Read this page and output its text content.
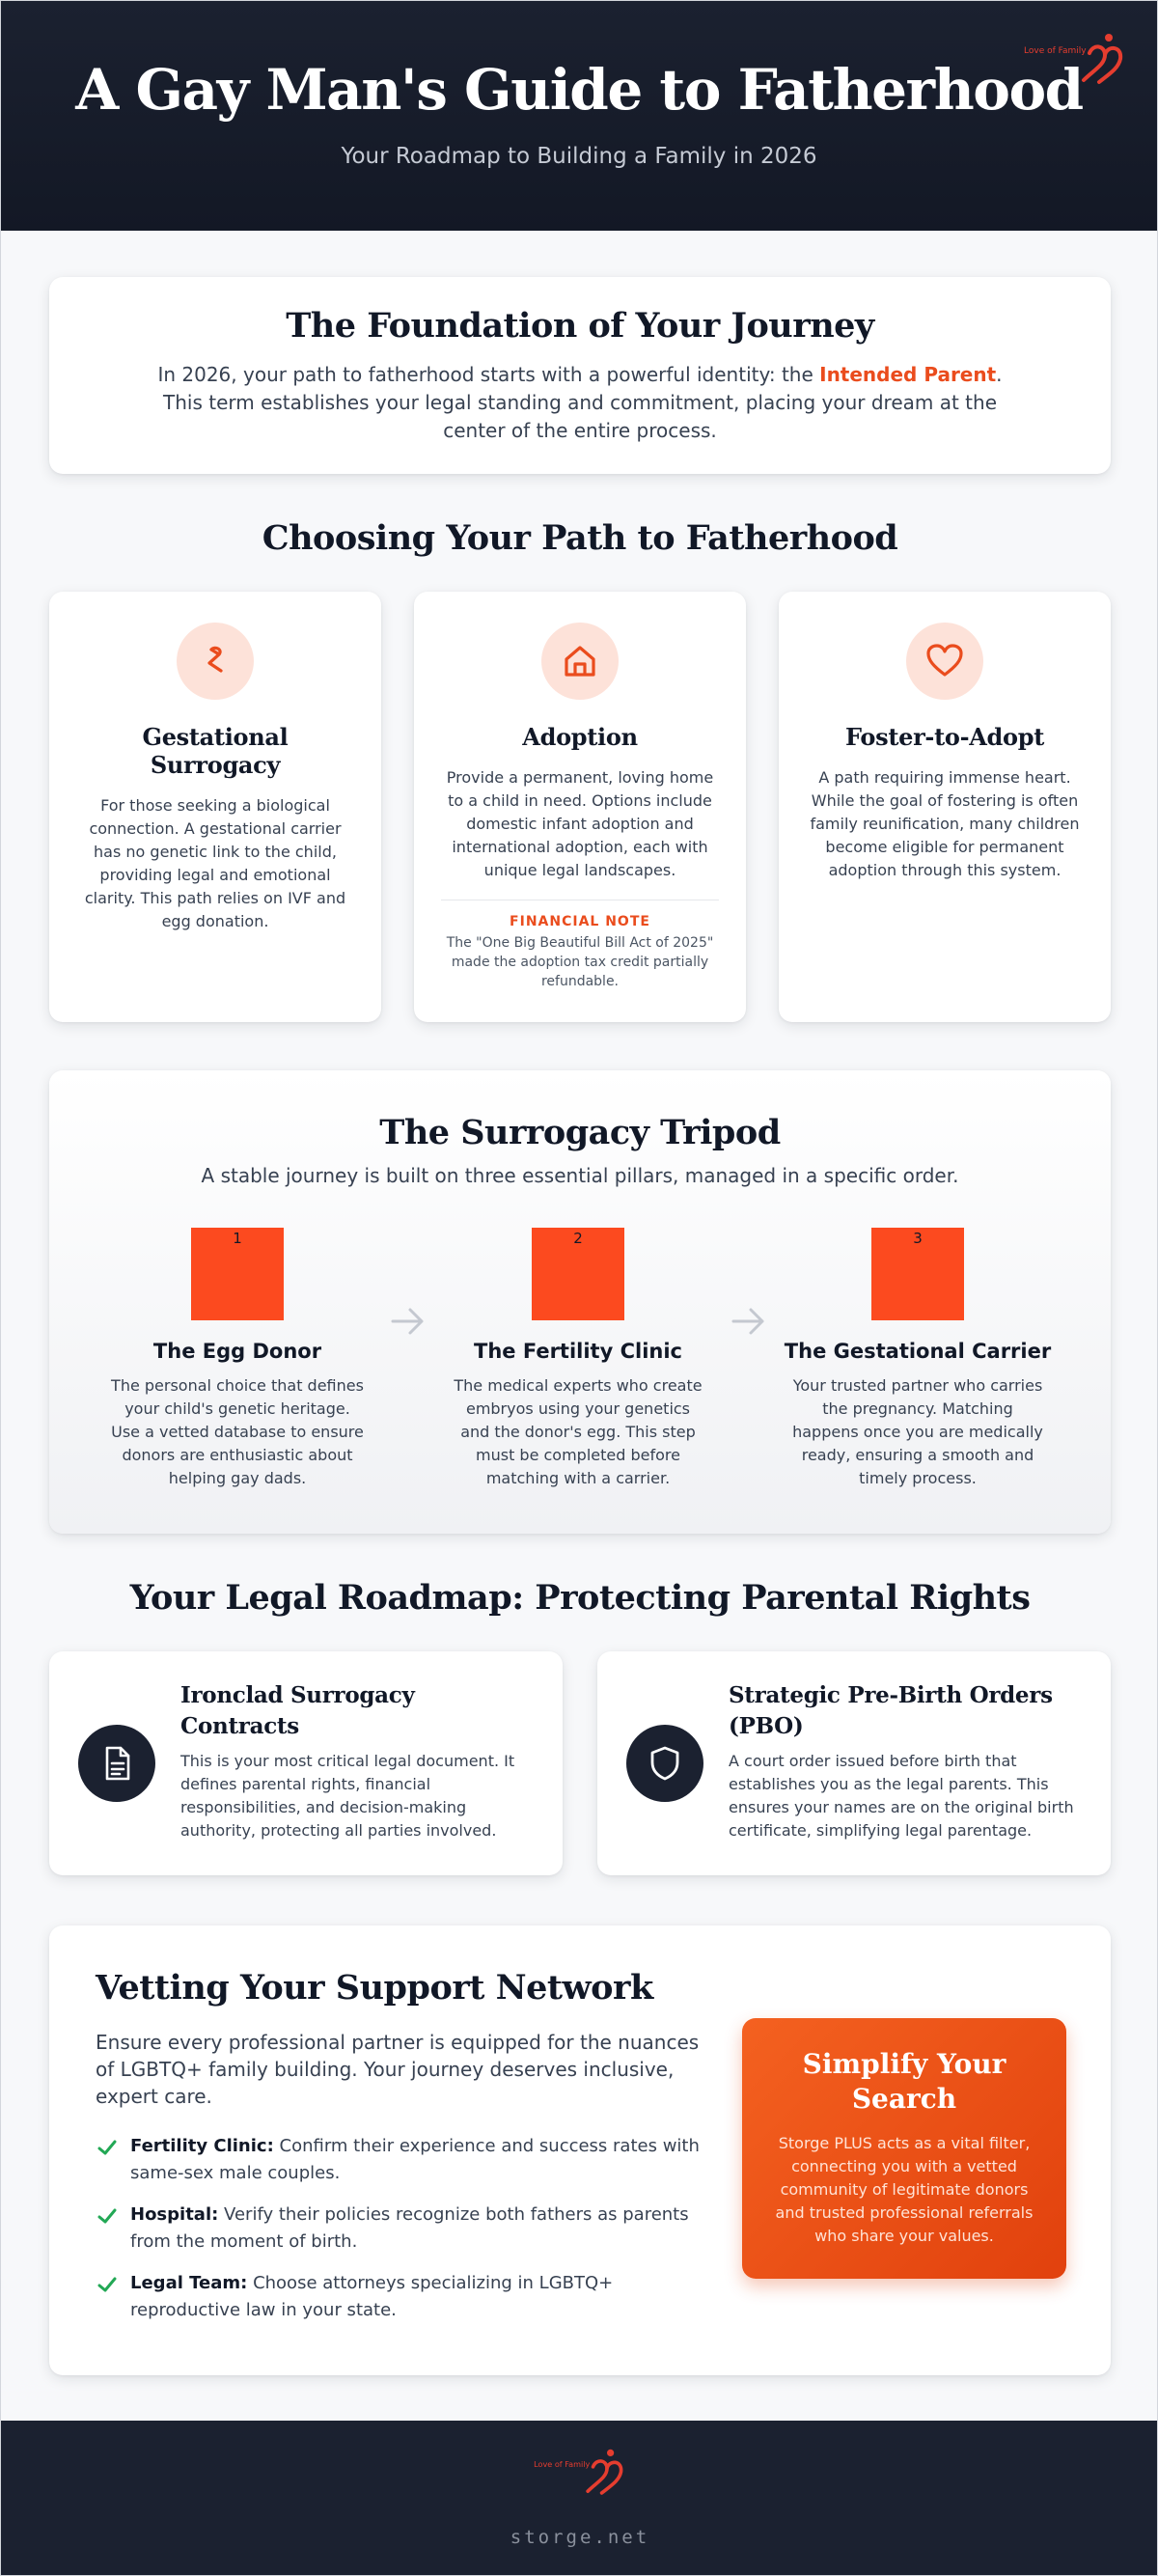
A Gay Man's Guide to Fatherhood
Your Roadmap to Building a Family in 2026
Love of Family
The Foundation of Your Journey

In 2026, your path to fatherhood starts with a powerful identity: the Intended Parent. This term establishes your legal standing and commitment, placing your dream at the center of the entire process.

Choosing Your Path to Fatherhood
Gestational Surrogacy

For those seeking a biological connection. A gestational carrier has no genetic link to the child, providing legal and emotional clarity. This path relies on IVF and egg donation.

Adoption

Provide a permanent, loving home to a child in need. Options include domestic infant adoption and international adoption, each with unique legal landscapes.

FINANCIAL NOTE

The "One Big Beautiful Bill Act of 2025" made the adoption tax credit partially refundable.

Foster-to-Adopt

A path requiring immense heart. While the goal of fostering is often family reunification, many children become eligible for permanent adoption through this system.

The Surrogacy Tripod
A stable journey is built on three essential pillars, managed in a specific order.
1
The Egg Donor

The personal choice that defines your child's genetic heritage. Use a vetted database to ensure donors are enthusiastic about helping gay dads.

2
The Fertility Clinic

The medical experts who create embryos using your genetics and the donor's egg. This step must be completed before matching with a carrier.

3
The Gestational Carrier

Your trusted partner who carries the pregnancy. Matching happens once you are medically ready, ensuring a smooth and timely process.

Your Legal Roadmap: Protecting Parental Rights
Ironclad Surrogacy Contracts

This is your most critical legal document. It defines parental rights, financial responsibilities, and decision-making authority, protecting all parties involved.

Strategic Pre-Birth Orders (PBO)

A court order issued before birth that establishes you as the legal parents. This ensures your names are on the original birth certificate, simplifying legal parentage.

Vetting Your Support Network

Ensure every professional partner is equipped for the nuances of LGBTQ+ family building. Your journey deserves inclusive, expert care.

Fertility Clinic: Confirm their experience and success rates with same-sex male couples.
Hospital: Verify their policies recognize both fathers as parents from the moment of birth.
Legal Team: Choose attorneys specializing in LGBTQ+ reproductive law in your state.
Simplify Your Search

Storge PLUS acts as a vital filter, connecting you with a vetted community of legitimate donors and trusted professional referrals who share your values.

Love of Family
storge.net
